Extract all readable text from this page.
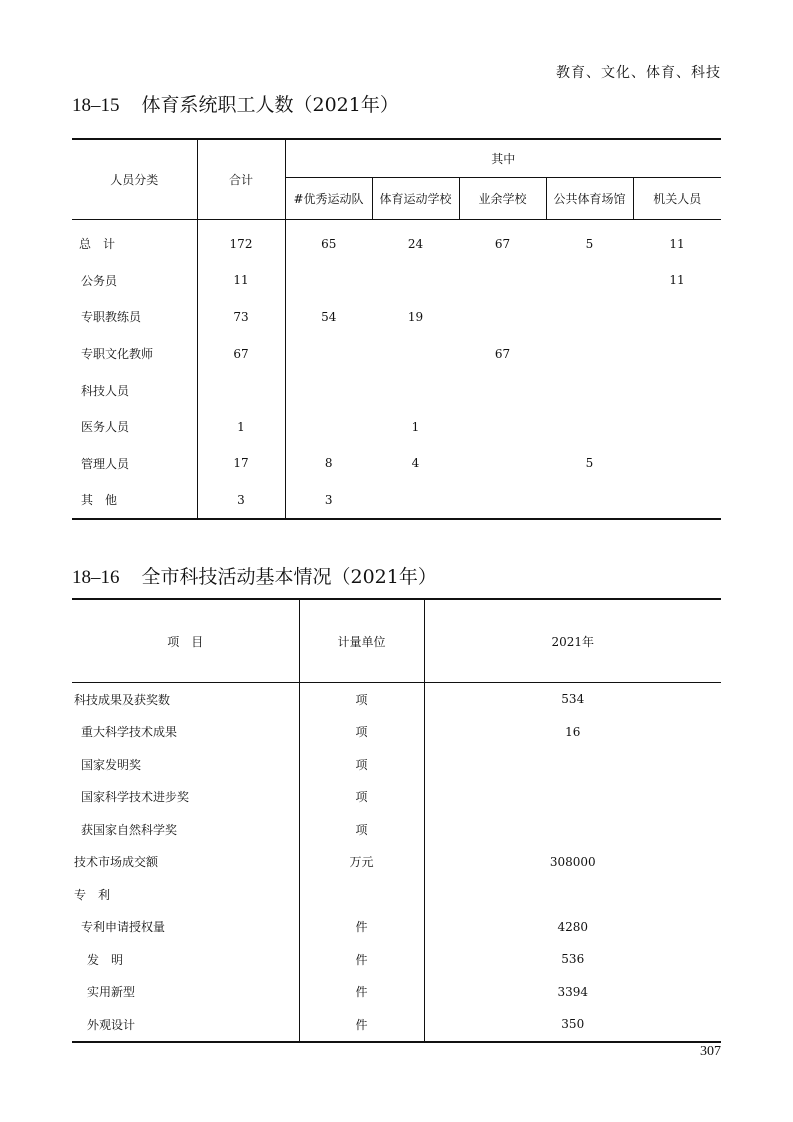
教育、文化、体育、科技
18–15 体育系统职工人数（2021年）
人员分类	合计	其中				
		#优秀运动队	体育运动学校	业余学校	公共体育场馆	机关人员
总　计	172	65	24	67	5	11
公务员	11					11
专职教练员	73	54	19			
专职文化教师	67			67		
科技人员						
医务人员	1		1			
管理人员	17	8	4		5	
其　他	3	3				
18–16 全市科技活动基本情况（2021年）
项　目	计量单位	2021年
科技成果及获奖数	项	534
重大科学技术成果	项	16
国家发明奖	项	
国家科学技术进步奖	项	
获国家自然科学奖	项	
技术市场成交额	万元	308000
专　利		
专利申请授权量	件	4280
发　明	件	536
实用新型	件	3394
外观设计	件	350
307
